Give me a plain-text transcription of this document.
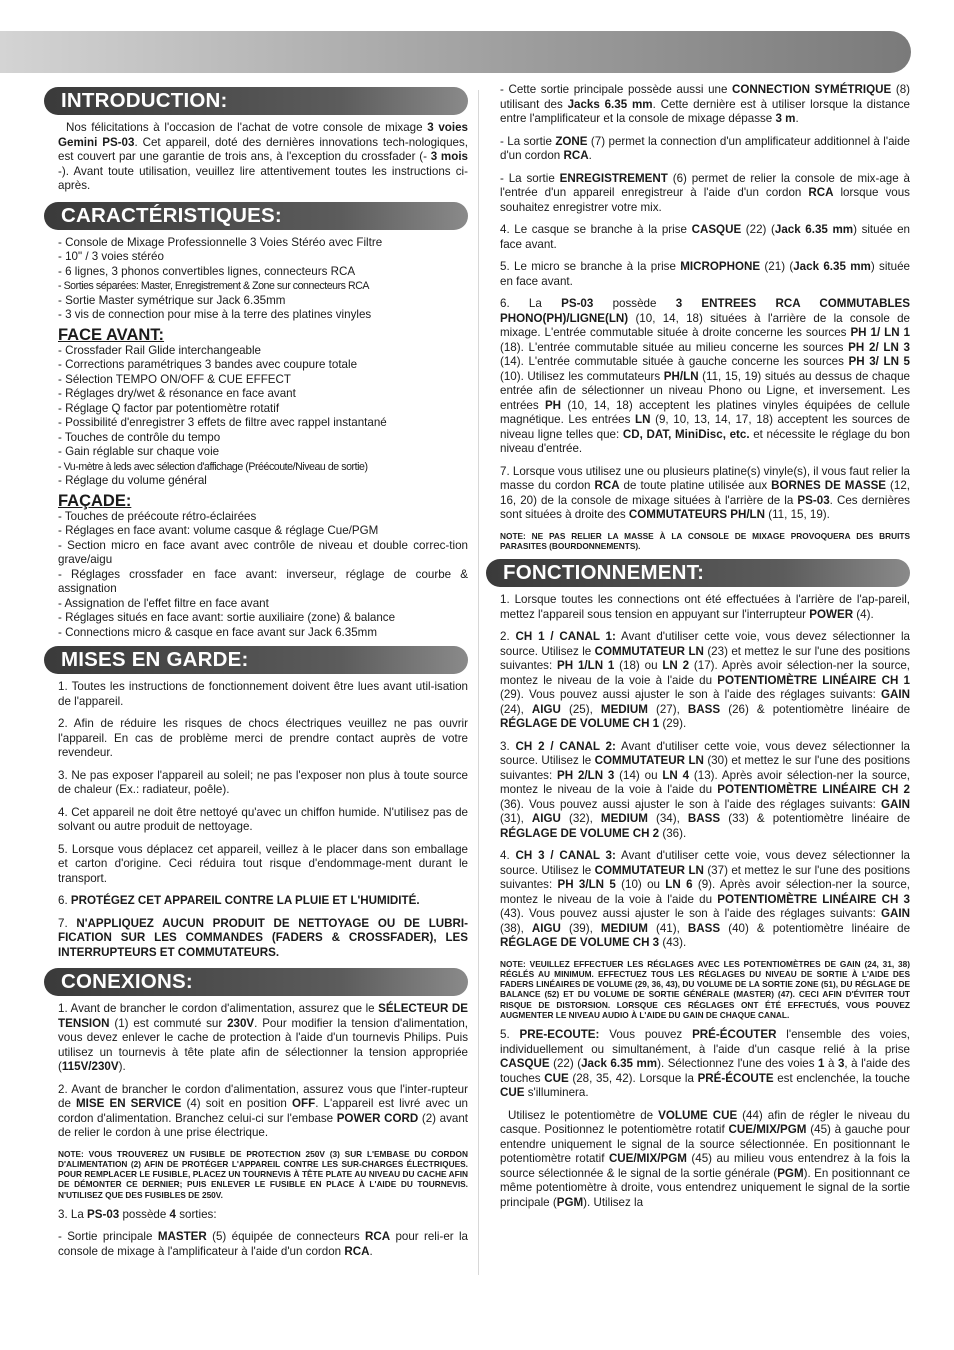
INTRODUCTION:

Nos félicitations à l'occasion de l'achat de votre console de mixage 3 voies Gemini PS-03. Cet appareil, doté des dernières innovations tech-nologiques, est couvert par une garantie de trois ans, à l'exception du crossfader (- 3 mois -). Avant toute utilisation, veuillez lire attentivement toutes les instructions ci-après.

CARACTÉRISTIQUES:
- Console de Mixage Professionnelle 3 Voies Stéréo avec Filtre
- 10" / 3 voies stéréo
- 6 lignes, 3 phonos convertibles lignes, connecteurs RCA
- Sorties séparées: Master, Enregistrement & Zone sur connecteurs RCA
- Sortie Master symétrique sur Jack 6.35mm
- 3 vis de connection pour mise à la terre des platines vinyles
FACE AVANT:
- Crossfader Rail Glide interchangeable
- Corrections paramétriques 3 bandes avec coupure totale
- Sélection TEMPO ON/OFF & CUE EFFECT
- Réglages dry/wet & résonance en face avant
- Réglage Q factor par potentiomètre rotatif
- Possibilité d'enregistrer 3 effets de filtre avec rappel instantané
- Touches de contrôle du tempo
- Gain réglable sur chaque voie
- Vu-mètre à leds avec sélection d'affichage (Préécoute/Niveau de sortie)
- Réglage du volume général
FAÇADE:
- Touches de préécoute rétro-éclairées
- Réglages en face avant: volume casque & réglage Cue/PGM
- Section micro en face avant avec contrôle de niveau et double correc-tion grave/aigu
- Réglages crossfader en face avant: inverseur, réglage de courbe & assignation
- Assignation de l'effet filtre en face avant
- Réglages situés en face avant: sortie auxiliaire (zone) & balance
- Connections micro & casque en face avant sur Jack 6.35mm
MISES EN GARDE:

1. Toutes les instructions de fonctionnement doivent être lues avant util-isation de l'appareil.

2. Afin de réduire les risques de chocs électriques veuillez ne pas ouvrir l'appareil. En cas de problème merci de prendre contact auprès de votre revendeur.

3. Ne pas exposer l'appareil au soleil; ne pas l'exposer non plus à toute source de chaleur (Ex.: radiateur, poêle).

4. Cet appareil ne doit être nettoyé qu'avec un chiffon humide. N'utilisez pas de solvant ou autre produit de nettoyage.

5. Lorsque vous déplacez cet appareil, veillez à le placer dans son emballage et carton d'origine. Ceci réduira tout risque d'endommage-ment durant le transport.

6. PROTÉGEZ CET APPAREIL CONTRE LA PLUIE ET L'HUMIDITÉ.

7. N'APPLIQUEZ AUCUN PRODUIT DE NETTOYAGE OU DE LUBRI-FICATION SUR LES COMMANDES (FADERS & CROSSFADER), LES INTERRUPTEURS ET COMMUTATEURS.

CONEXIONS:

1. Avant de brancher le cordon d'alimentation, assurez que le SÉLECTEUR DE TENSION (1) est commuté sur 230V. Pour modifier la tension d'alimentation, vous devez enlever le cache de protection à l'aide d'un tournevis Philips. Puis utilisez un tournevis à tête plate afin de sélectionner la tension appropriée (115V/230V).

2. Avant de brancher le cordon d'alimentation, assurez vous que l'inter-rupteur de MISE EN SERVICE (4) soit en position OFF. L'appareil est livré avec un cordon d'alimentation. Branchez celui-ci sur l'embase POWER CORD (2) avant de relier le cordon à une prise électrique.

NOTE: VOUS TROUVEREZ UN FUSIBLE DE PROTECTION 250V (3) SUR L'EMBASE DU CORDON D'ALIMENTATION (2) AFIN DE PROTÉGER L'APPAREIL CONTRE LES SUR-CHARGES ÉLECTRIQUES. POUR REMPLACER LE FUSIBLE, PLACEZ UN TOURNEVIS À TÊTE PLATE AU NIVEAU DU CACHE AFIN DE DÉMONTER CE DERNIER; PUIS ENLEVER LE FUSIBLE EN PLACE À L'AIDE DU TOURNEVIS. N'UTILISEZ QUE DES FUSIBLES DE 250V.

3. La PS-03 possède 4 sorties:

- Sortie principale MASTER (5) équipée de connecteurs RCA pour reli-er la console de mixage à l'amplificateur à l'aide d'un cordon RCA.

- Cette sortie principale possède aussi une CONNECTION SYMÉTRIQUE (8) utilisant des Jacks 6.35 mm. Cette dernière est à utiliser lorsque la distance entre l'amplificateur et la console de mixage dépasse 3 m.

- La sortie ZONE (7) permet la connection d'un amplificateur additionnel à l'aide d'un cordon RCA.

- La sortie ENREGISTREMENT (6) permet de relier la console de mix-age à l'entrée d'un appareil enregistreur à l'aide d'un cordon RCA lorsque vous souhaitez enregistrer votre mix.

4. Le casque se branche à la prise CASQUE (22) (Jack 6.35 mm) située en face avant.

5. Le micro se branche à la prise MICROPHONE (21) (Jack 6.35 mm) située en face avant.

6. La PS-03 possède 3 ENTREES RCA COMMUTABLES PHONO(PH)/LIGNE(LN) (10, 14, 18) situées à l'arrière de la console de mixage. L'entrée commutable située à droite concerne les sources PH 1/ LN 1 (18). L'entrée commutable située au milieu concerne les sources PH 2/ LN 3 (14). L'entrée commutable située à gauche concerne les sources PH 3/ LN 5 (10). Utilisez les commutateurs PH/LN (11, 15, 19) situés au dessus de chaque entrée afin de sélectionner un niveau Phono ou Ligne, et inversement. Les entrées PH (10, 14, 18) acceptent les platines vinyles équipées de cellule magnétique. Les entrées LN (9, 10, 13, 14, 17, 18) acceptent les sources de niveau ligne telles que: CD, DAT, MiniDisc, etc. et nécessite le réglage du bon niveau d'entrée.

7. Lorsque vous utilisez une ou plusieurs platine(s) vinyle(s), il vous faut relier la masse du cordon RCA de toute platine utilisée aux BORNES DE MASSE (12, 16, 20) de la console de mixage situées à l'arrière de la PS-03. Ces dernières sont situées à droite des COMMUTATEURS PH/LN (11, 15, 19).

NOTE: NE PAS RELIER LA MASSE À LA CONSOLE DE MIXAGE PROVOQUERA DES BRUITS PARASITES (BOURDONNEMENTS).

FONCTIONNEMENT:

1. Lorsque toutes les connections ont été effectuées à l'arrière de l'ap-pareil, mettez l'appareil sous tension en appuyant sur l'interrupteur POWER (4).

2. CH 1 / CANAL 1: Avant d'utiliser cette voie, vous devez sélectionner la source. Utilisez le COMMUTATEUR LN (23) et mettez le sur l'une des positions suivantes: PH 1/LN 1 (18) ou LN 2 (17). Après avoir sélection-ner la source, montez le niveau de la voie à l'aide du POTENTIOMÈTRE LINÉAIRE CH 1 (29). Vous pouvez aussi ajuster le son à l'aide des réglages suivants: GAIN (24), AIGU (25), MEDIUM (27), BASS (26) & potentiomètre linéaire de RÉGLAGE DE VOLUME CH 1 (29).

3. CH 2 / CANAL 2: Avant d'utiliser cette voie, vous devez sélectionner la source. Utilisez le COMMUTATEUR LN (30) et mettez le sur l'une des positions suivantes: PH 2/LN 3 (14) ou LN 4 (13). Après avoir sélection-ner la source, montez le niveau de la voie à l'aide du POTENTIOMÈTRE LINÉAIRE CH 2 (36). Vous pouvez aussi ajuster le son à l'aide des réglages suivants: GAIN (31), AIGU (32), MEDIUM (34), BASS (33) & potentiomètre linéaire de RÉGLAGE DE VOLUME CH 2 (36).

4. CH 3 / CANAL 3: Avant d'utiliser cette voie, vous devez sélectionner la source. Utilisez le COMMUTATEUR LN (37) et mettez le sur l'une des positions suivantes: PH 3/LN 5 (10) ou LN 6 (9). Après avoir sélection-ner la source, montez le niveau de la voie à l'aide du POTENTIOMÈTRE LINÉAIRE CH 3 (43). Vous pouvez aussi ajuster le son à l'aide des réglages suivants: GAIN (38), AIGU (39), MEDIUM (41), BASS (40) & potentiomètre linéaire de RÉGLAGE DE VOLUME CH 3 (43).

NOTE: VEUILLEZ EFFECTUER LES RÉGLAGES AVEC LES POTENTIOMÈTRES DE GAIN (24, 31, 38) RÉGLÉS AU MINIMUM. EFFECTUEZ TOUS LES RÉGLAGES DU NIVEAU DE SORTIE À L'AIDE DES FADERS LINÉAIRES DE VOLUME (29, 36, 43), DU VOLUME DE LA SORTIE ZONE (51), DU RÉGLAGE DE BALANCE (52) ET DU VOLUME DE SORTIE GÉNÉRALE (MASTER) (47). CECI AFIN D'ÉVITER TOUT RISQUE DE DISTORSION. LORSQUE CES RÉGLAGES ONT ÉTÉ EFFECTUÉS, VOUS POUVEZ AUGMENTER LE NIVEAU AUDIO À L'AIDE DU GAIN DE CHAQUE CANAL.

5. PRE-ECOUTE: Vous pouvez PRÉ-ÉCOUTER l'ensemble des voies, individuellement ou simultanément, à l'aide d'un casque relié à la prise CASQUE (22) (Jack 6.35 mm). Sélectionnez l'une des voies 1 à 3, à l'aide des touches CUE (28, 35, 42). Lorsque la PRÉ-ÉCOUTE est enclenchée, la touche CUE s'illuminera.

Utilisez le potentiomètre de VOLUME CUE (44) afin de régler le niveau du casque. Positionnez le potentiomètre rotatif CUE/MIX/PGM (45) à gauche pour entendre uniquement le signal de la source sélectionnée. En positionnant le potentiomètre rotatif CUE/MIX/PGM (45) au milieu vous entendrez à la fois la source sélectionnée & le signal de la sortie générale (PGM). En positionnant ce même potentiomètre à droite, vous entendrez uniquement le signal de la sortie principale (PGM). Utilisez la
